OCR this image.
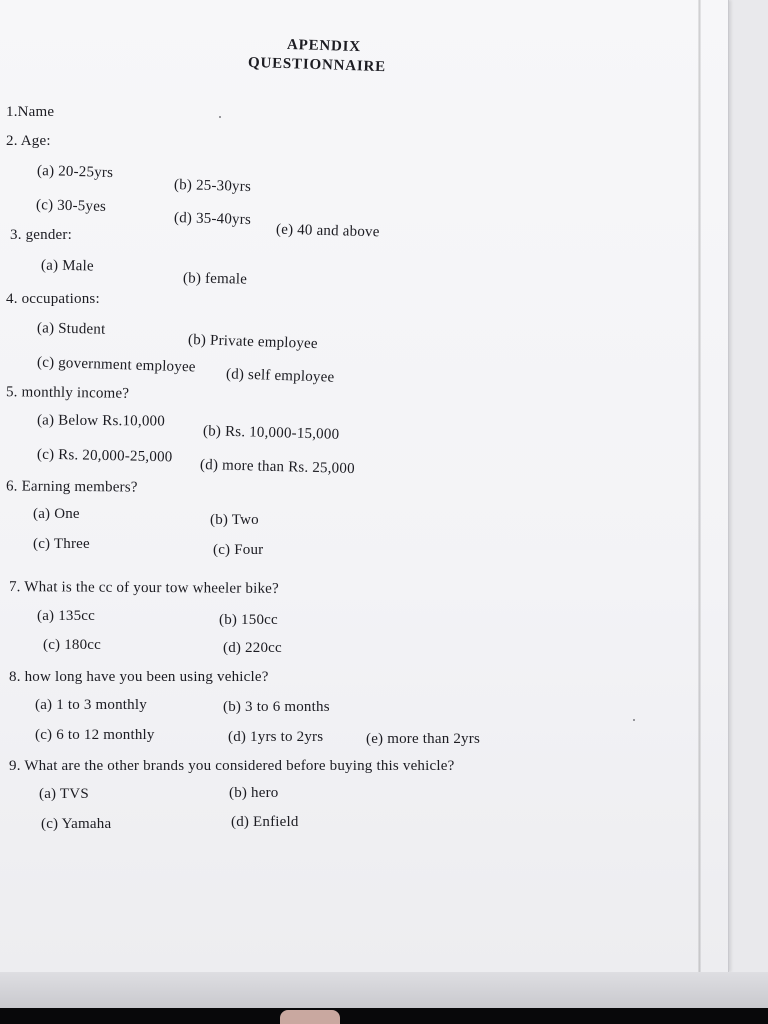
APENDIX
QUESTIONNAIRE
1.Name
2. Age:
(a) 20-25yrs
(b) 25-30yrs
(c) 30-5yes
(d) 35-40yrs
(e) 40 and above
3. gender:
(a) Male
(b) female
4. occupations:
(a) Student
(b) Private employee
(c) government employee
(d) self employee
5. monthly income?
(a) Below Rs.10,000
(b) Rs. 10,000-15,000
(c) Rs. 20,000-25,000
(d) more than Rs. 25,000
6. Earning members?
(a) One	(b) Two
(c) Three	(c) Four
7. What is the cc of your tow wheeler bike?
(a) 135cc	(b) 150cc
(c) 180cc	(d) 220cc
8. how long have you been using vehicle?
(a) 1 to 3 monthly	(b) 3 to 6 months
(c) 6 to 12 monthly	(d) 1yrs to 2yrs	(e) more than 2yrs
9. What are the other brands you considered before buying this vehicle?
(a) TVS	(b) hero
(c) Yamaha	(d) Enfield
